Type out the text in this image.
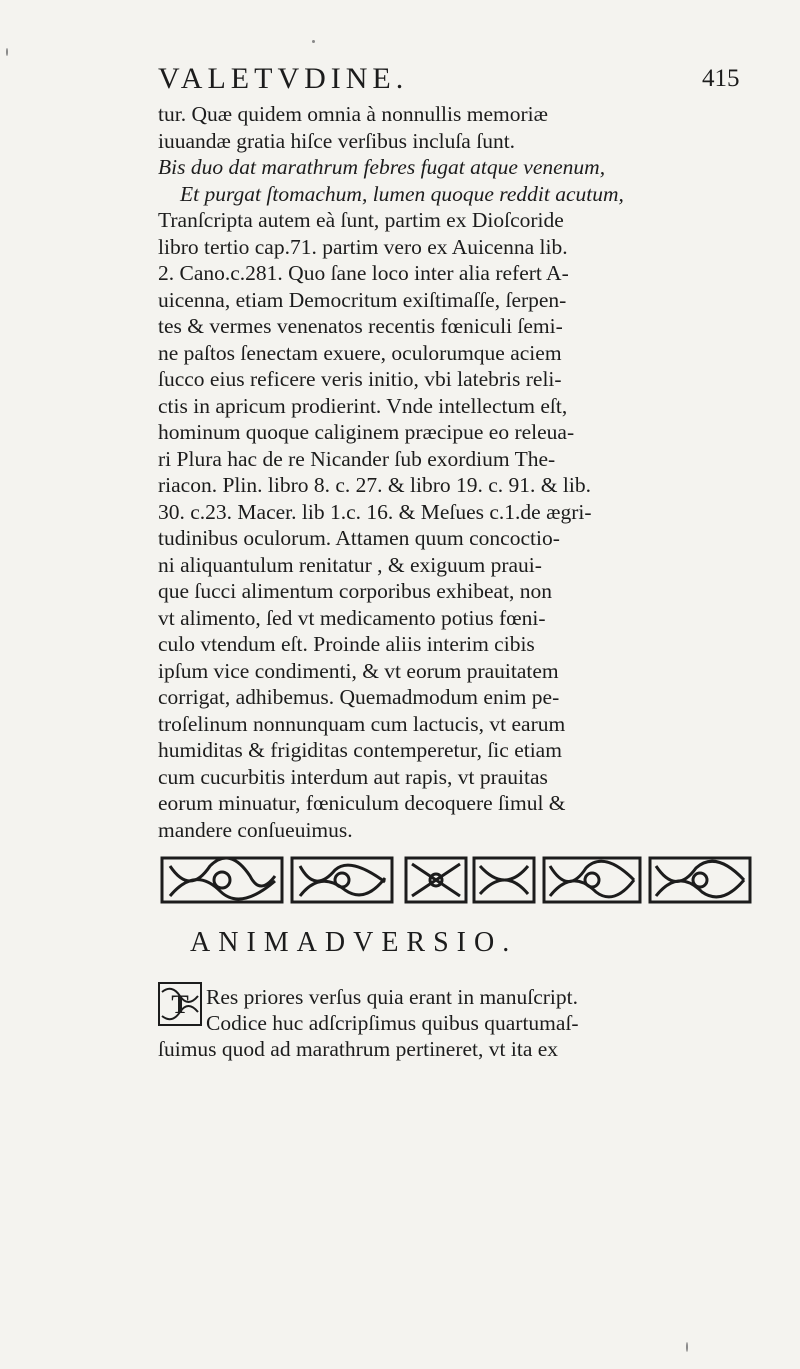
VALETVDINE.	415
tur. Quæ quidem omnia à nonnullis memoriæ
iuuandæ gratia hiſce verſibus incluſa ſunt.
Bis duo dat marathrum febres fugat atque venenum,
Et purgat ſtomachum, lumen quoque reddit acutum,
Tranſcripta autem eà ſunt, partim ex Dioſcoride
libro tertio cap.71. partim vero ex Auicenna lib.
2. Cano.c.281. Quo ſane loco inter alia refert A-
uicenna, etiam Democritum exiſtimaſſe, ſerpen-
tes & vermes venenatos recentis fœniculi ſemi-
ne paſtos ſenectam exuere, oculorumque aciem
ſucco eius reficere veris initio, vbi latebris reli-
ctis in apricum prodierint. Vnde intellectum eſt,
hominum quoque caliginem præcipue eo releua-
ri Plura hac de re Nicander ſub exordium The-
riacon. Plin. libro 8. c. 27. & libro 19. c. 91. & lib.
30. c.23. Macer. lib 1.c. 16. & Meſues c.1.de ægri-
tudinibus oculorum. Attamen quum concoctio-
ni aliquantulum renitatur , & exiguum praui-
que ſucci alimentum corporibus exhibeat, non
vt alimento, ſed vt medicamento potius fœni-
culo vtendum eſt. Proinde aliis interim cibis
ipſum vice condimenti, & vt eorum prauitatem
corrigat, adhibemus. Quemadmodum enim pe-
troſelinum nonnunquam cum lactucis, vt earum
humiditas & frigiditas contemperetur, ſic etiam
cum cucurbitis interdum aut rapis, vt prauitas
eorum minuatur, fœniculum decoquere ſimul &
mandere conſueuimus.
ANIMADVERSIO.
T Res priores verſus quia erant in manuſcript.
Codice huc adſcripſimus quibus quartumaſ-
ſuimus quod ad marathrum pertineret, vt ita ex
